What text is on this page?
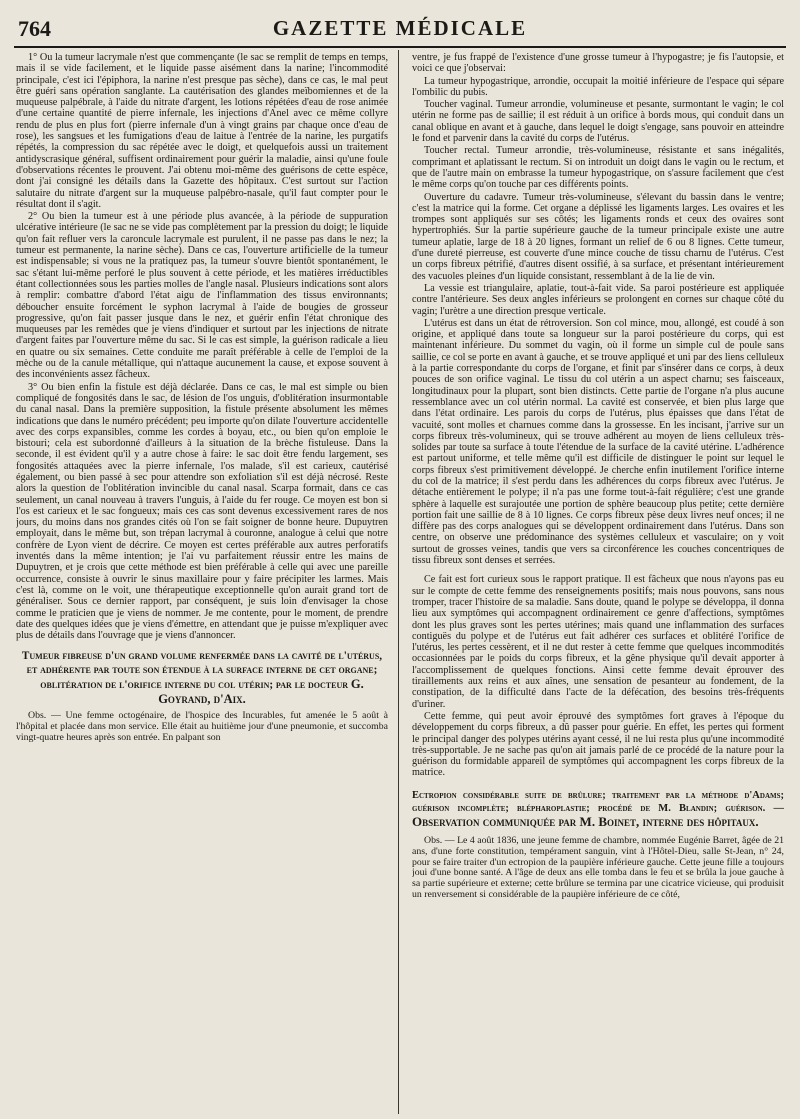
764	GAZETTE MÉDICALE

1° Ou la tumeur lacrymale n'est que commençante (le sac se remplit de temps en temps, mais il se vide facilement, et le liquide passe aisément dans la narine; l'incommodité principale, c'est ici l'épiphora, la narine n'est presque pas sèche), dans ce cas, le mal peut être guéri sans opération sanglante. La cautérisation des glandes meïbomiennes et de la muqueuse palpébrale, à l'aide du nitrate d'argent, les lotions répétées d'eau de rose animée d'une certaine quantité de pierre infernale, les injections d'Anel avec ce même collyre rendu de plus en plus fort (pierre infernale d'un à vingt grains par chaque once d'eau de rose), les sangsues et les fumigations d'eau de laitue à l'entrée de la narine, les purgatifs répétés, la compression du sac répétée avec le doigt, et quelquefois aussi un traitement antidyscrasique général, suffisent ordinairement pour guérir la maladie, ainsi qu'une foule d'observations récentes le prouvent. J'ai obtenu moi-même des guérisons de cette espèce, dont j'ai consigné les détails dans la Gazette des hôpitaux. C'est surtout sur l'action salutaire du nitrate d'argent sur la muqueuse palpébro-nasale, qu'il faut compter pour le résultat dont il s'agit.

2° Ou bien la tumeur est à une période plus avancée, à la période de suppuration ulcérative intérieure (le sac ne se vide pas complètement par la pression du doigt; le liquide qu'on fait refluer vers la caroncule lacrymale est purulent, il ne passe pas dans le nez; la tumeur est permanente, la narine sèche). Dans ce cas, l'ouverture artificielle de la tumeur est indispensable; si vous ne la pratiquez pas, la tumeur s'ouvre bientôt spontanément, le sac s'étant lui-même perforé le plus souvent à cette période, et les matières irréductibles étant collectionnées sous les parties molles de l'angle nasal. Plusieurs indications sont alors à remplir: combattre d'abord l'état aigu de l'inflammation des tissus environnants; déboucher ensuite forcément le syphon lacrymal à l'aide de bougies de grosseur progressive, qu'on fait passer jusque dans le nez, et guérir enfin l'état chronique des muqueuses par les remèdes que je viens d'indiquer et surtout par les injections de nitrate d'argent faites par l'ouverture même du sac. Si le cas est simple, la guérison radicale a lieu en quatre ou six semaines. Cette conduite me paraît préférable à celle de l'emploi de la mèche ou de la canule métallique, qui n'attaque aucunement la cause, et expose souvent à des inconvénients assez fâcheux.

3° Ou bien enfin la fistule est déjà déclarée. Dans ce cas, le mal est simple ou bien compliqué de fongosités dans le sac, de lésion de l'os unguis, d'oblitération insurmontable du canal nasal. Dans la première supposition, la fistule présente absolument les mêmes indications que dans le numéro précédent; peu importe qu'on dilate l'ouverture accidentelle avec des corps expansibles, comme les cordes à boyau, etc., ou bien qu'on emploie le bistouri; cela est subordonné d'ailleurs à la situation de la brèche fistuleuse. Dans la seconde, il est évident qu'il y a autre chose à faire: le sac doit être fendu largement, ses fongosités attaquées avec la pierre infernale, l'os malade, s'il est carieux, cautérisé également, ou bien passé à sec pour attendre son exfoliation s'il est déjà nécrosé. Reste alors la question de l'oblitération invincible du canal nasal. Scarpa formait, dans ce cas seulement, un canal nouveau à travers l'unguis, à l'aide du fer rouge. Ce moyen est bon si l'os est carieux et le sac fongueux; mais ces cas sont devenus excessivement rares de nos jours, du moins dans nos grandes cités où l'on se fait soigner de bonne heure. Dupuytren employait, dans le même but, son trépan lacrymal à couronne, analogue à celui que notre confrère de Lyon vient de décrire. Ce moyen est certes préférable aux autres perforatifs inventés dans la même intention; je l'ai vu parfaitement réussir entre les mains de Dupuytren, et je crois que cette méthode est bien préférable à celle qui avec une pareille occurrence, consiste à ouvrir le sinus maxillaire pour y faire précipiter les larmes. Mais c'est là, comme on le voit, une thérapeutique exceptionnelle qu'on aurait grand tort de généraliser. Sous ce dernier rapport, par conséquent, je suis loin d'envisager la chose comme le praticien que je viens de nommer. Je me contente, pour le moment, de prendre date des quelques idées que je viens d'émettre, en attendant que je puisse m'expliquer avec plus de détails dans l'ouvrage que je viens d'annoncer.

Tumeur fibreuse d'un grand volume renfermée dans la cavité de l'utérus, et adhérente par toute son étendue à la surface interne de cet organe; oblitération de l'orifice interne du col utérin; par le docteur G. Goyrand, d'Aix.

Obs. — Une femme octogénaire, de l'hospice des Incurables, fut amenée le 5 août à l'hôpital et placée dans mon service. Elle était au huitième jour d'une pneumonie, et succomba vingt-quatre heures après son entrée. En palpant son

ventre, je fus frappé de l'existence d'une grosse tumeur à l'hypogastre; je fis l'autopsie, et voici ce que j'observai:

La tumeur hypogastrique, arrondie, occupait la moitié inférieure de l'espace qui sépare l'ombilic du pubis.

Toucher vaginal. Tumeur arrondie, volumineuse et pesante, surmontant le vagin; le col utérin ne forme pas de saillie; il est réduit à un orifice à bords mous, qui conduit dans un canal oblique en avant et à gauche, dans lequel le doigt s'engage, sans pouvoir en atteindre le fond et parvenir dans la cavité du corps de l'utérus.

Toucher rectal. Tumeur arrondie, très-volumineuse, résistante et sans inégalités, comprimant et aplatissant le rectum. Si on introduit un doigt dans le vagin ou le rectum, et que de l'autre main on embrasse la tumeur hypogastrique, on s'assure facilement que c'est le même corps qu'on touche par ces différents points.

Ouverture du cadavre. Tumeur très-volumineuse, s'élevant du bassin dans le ventre; c'est la matrice qui la forme. Cet organe a déplissé les ligaments larges. Les ovaires et les trompes sont appliqués sur ses côtés; les ligaments ronds et ceux des ovaires sont hypertrophiés. Sur la partie supérieure gauche de la tumeur principale existe une autre tumeur aplatie, large de 18 à 20 lignes, formant un relief de 6 ou 8 lignes. Cette tumeur, d'une dureté pierreuse, est couverte d'une mince couche de tissu charnu de l'utérus. C'est un corps fibreux pétrifié, d'autres disent ossifié, à sa surface, et présentant intérieurement des vacuoles pleines d'un liquide consistant, ressemblant à de la lie de vin.

La vessie est triangulaire, aplatie, tout-à-fait vide. Sa paroi postérieure est appliquée contre l'antérieure. Ses deux angles inférieurs se prolongent en cornes sur chaque côté du vagin; l'urètre a une direction presque verticale.

L'utérus est dans un état de rétroversion. Son col mince, mou, allongé, est coudé à son origine, et appliqué dans toute sa longueur sur la paroi postérieure du corps, qui est maintenant inférieure. Du sommet du vagin, où il forme un simple cul de poule sans saillie, ce col se porte en avant à gauche, et se trouve appliqué et uni par des liens celluleux à la partie correspondante du corps de l'organe, et finit par s'insérer dans ce corps, à deux pouces de son orifice vaginal. Le tissu du col utérin a un aspect charnu; ses faisceaux, longitudinaux pour la plupart, sont bien distincts. Cette partie de l'organe n'a plus aucune ressemblance avec un col utérin normal. La cavité est conservée, et bien plus large que dans l'état ordinaire. Les parois du corps de l'utérus, plus épaisses que dans l'état de vacuité, sont molles et charnues comme dans la grossesse. En les incisant, j'arrive sur un corps fibreux très-volumineux, qui se trouve adhérent au moyen de liens celluleux très-solides par toute sa surface à toute l'étendue de la surface de la cavité utérine. L'adhérence est partout uniforme, et telle même qu'il est difficile de distinguer le point sur lequel le corps fibreux s'est primitivement développé. Je cherche enfin inutilement l'orifice interne du col de la matrice; il s'est perdu dans les adhérences du corps fibreux avec l'utérus. Je détache entièrement le polype; il n'a pas une forme tout-à-fait régulière; c'est une grande sphère à laquelle est surajoutée une portion de sphère beaucoup plus petite; cette dernière portion fait une saillie de 8 à 10 lignes. Ce corps fibreux pèse deux livres neuf onces; il ne diffère pas des corps analogues qui se développent ordinairement dans l'utérus. Dans son centre, on observe une prédominance des systèmes celluleux et vasculaire; on y voit surtout de grosses veines, tandis que vers sa circonférence les couches concentriques de tissu fibreux sont denses et serrées.

Ce fait est fort curieux sous le rapport pratique. Il est fâcheux que nous n'ayons pas eu sur le compte de cette femme des renseignements positifs; mais nous pouvons, sans nous tromper, tracer l'histoire de sa maladie. Sans doute, quand le polype se développa, il donna lieu aux symptômes qui accompagnent ordinairement ce genre d'affections, symptômes dont les plus graves sont les pertes utérines; mais quand une inflammation des surfaces contiguës du polype et de l'utérus eut fait adhérer ces surfaces et oblitéré l'orifice de l'utérus, les pertes cessèrent, et il ne dut rester à cette femme que quelques incommodités occasionnées par le poids du corps fibreux, et la gêne physique qu'il devait apporter à l'accomplissement de quelques fonctions. Ainsi cette femme devait éprouver des tiraillements aux reins et aux aînes, une sensation de pesanteur au fondement, de la constipation, de la difficulté dans l'acte de la défécation, des besoins très-fréquents d'uriner.

Cette femme, qui peut avoir éprouvé des symptômes fort graves à l'époque du développement du corps fibreux, a dû passer pour guérie. En effet, les pertes qui forment le principal danger des polypes utérins ayant cessé, il ne lui resta plus qu'une incommodité très-supportable. Je ne sache pas qu'on ait jamais parlé de ce procédé de la nature pour la guérison du formidable appareil de symptômes qui accompagnent les corps fibreux de la matrice.

Ectropion considérable suite de brûlure; traitement par la méthode d'Adams; guérison incomplète; blépharoplastie; procédé de M. Blandin; guérison. — Observation communiquée par M. Boinet, interne des hôpitaux.

Obs. — Le 4 août 1836, une jeune femme de chambre, nommée Eugénie Barret, âgée de 21 ans, d'une forte constitution, tempérament sanguin, vint à l'Hôtel-Dieu, salle St-Jean, n° 24, pour se faire traiter d'un ectropion de la paupière inférieure gauche. Cette jeune fille a toujours joui d'une bonne santé. A l'âge de deux ans elle tomba dans le feu et se brûla la joue gauche à sa partie supérieure et externe; cette brûlure se termina par une cicatrice vicieuse, qui produisit un renversement si considérable de la paupière inférieure de ce côté,
